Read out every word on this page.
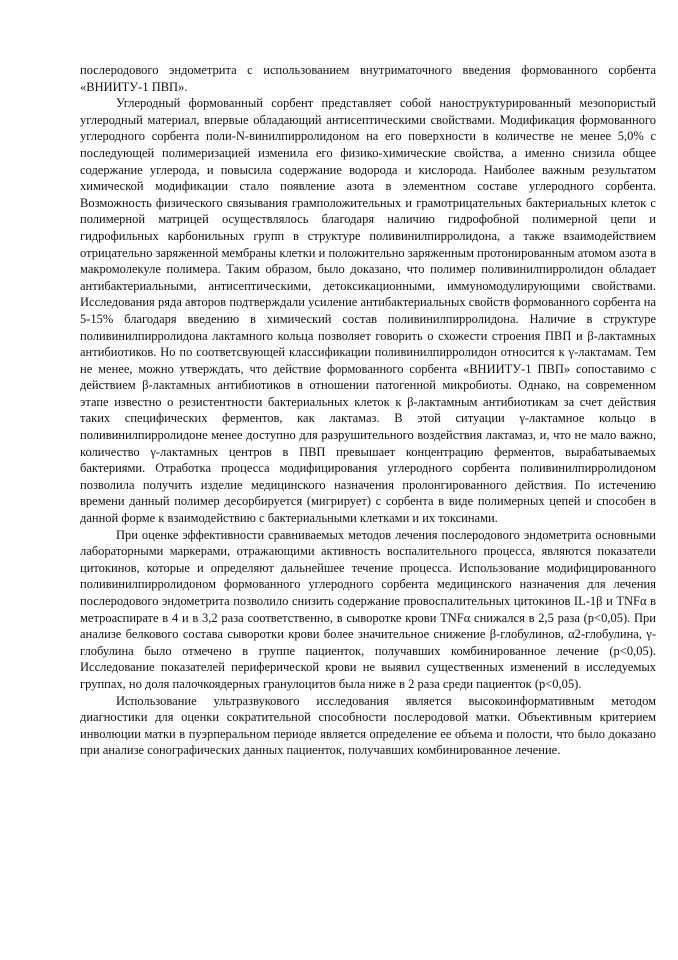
послеродового эндометрита с использованием внутриматочного введения формованного сорбента «ВНИИТУ-1 ПВП».

Углеродный формованный сорбент представляет собой наноструктурированный мезопористый углеродный материал, впервые обладающий антисептическими свойствами. Модификация формованного углеродного сорбента поли-N-винилпирролидоном на его поверхности в количестве не менее 5,0% с последующей полимеризацией изменила его физико-химические свойства, а именно снизила общее содержание углерода, и повысила содержание водорода и кислорода. Наиболее важным результатом химической модификации стало появление азота в элементном составе углеродного сорбента. Возможность физического связывания грамположительных и грамотрицательных бактериальных клеток с полимерной матрицей осуществлялось благодаря наличию гидрофобной полимерной цепи и гидрофильных карбонильных групп в структуре поливинилпирролидона, а также взаимодействием отрицательно заряженной мембраны клетки и положительно заряженным протонированным атомом азота в макромолекуле полимера. Таким образом, было доказано, что полимер поливинилпирролидон обладает антибактериальными, антисептическими, детоксикационными, иммуномодулирующими свойствами. Исследования ряда авторов подтверждали усиление антибактериальных свойств формованного сорбента на 5-15% благодаря введению в химический состав поливинилпирролидона. Наличие в структуре поливинилпирролидона лактамного кольца позволяет говорить о схожести строения ПВП и β-лактамных антибиотиков. Но по соответсвующей классификации поливинилпирролидон относится к γ-лактамам. Тем не менее, можно утверждать, что действие формованного сорбента «ВНИИТУ-1 ПВП» сопоставимо с действием β-лактамных антибиотиков в отношении патогенной микробиоты. Однако, на современном этапе известно о резистентности бактериальных клеток к β-лактамным антибиотикам за счет действия таких специфических ферментов, как лактамаз. В этой ситуации γ-лактамное кольцо в поливинилпирролидоне менее доступно для разрушительного воздействия лактамаз, и, что не мало важно, количество γ-лактамных центров в ПВП превышает концентрацию ферментов, вырабатываемых бактериями. Отработка процесса модифицирования углеродного сорбента поливинилпирролидоном позволила получить изделие медицинского назначения пролонгированного действия. По истечению времени данный полимер десорбируется (мигрирует) с сорбента в виде полимерных цепей и способен в данной форме к взаимодействию с бактериальными клетками и их токсинами.

При оценке эффективности сравниваемых методов лечения послеродового эндометрита основными лабораторными маркерами, отражающими активность воспалительного процесса, являются показатели цитокинов, которые и определяют дальнейшее течение процесса. Использование модифицированного поливинилпирролидоном формованного углеродного сорбента медицинского назначения для лечения послеродового эндометрита позволило снизить содержание провоспалительных цитокинов IL-1β и TNFα в метроаспирате в 4 и в 3,2 раза соответственно, в сыворотке крови TNFα снижался в 2,5 раза (p<0,05). При анализе белкового состава сыворотки крови более значительное снижение β-глобулинов, α2-глобулина, γ-глобулина было отмечено в группе пациенток, получавших комбинированное лечение (p<0,05). Исследование показателей периферической крови не выявил существенных изменений в исследуемых группах, но доля палочкоядерных гранулоцитов была ниже в 2 раза среди пациенток (p<0,05).

Использование ультразвукового исследования является высокоинформативным методом диагностики для оценки сократительной способности послеродовой матки. Объективным критерием инволюции матки в пуэрперальном периоде является определение ее объема и полости, что было доказано при анализе сонографических данных пациенток, получавших комбинированное лечение.
